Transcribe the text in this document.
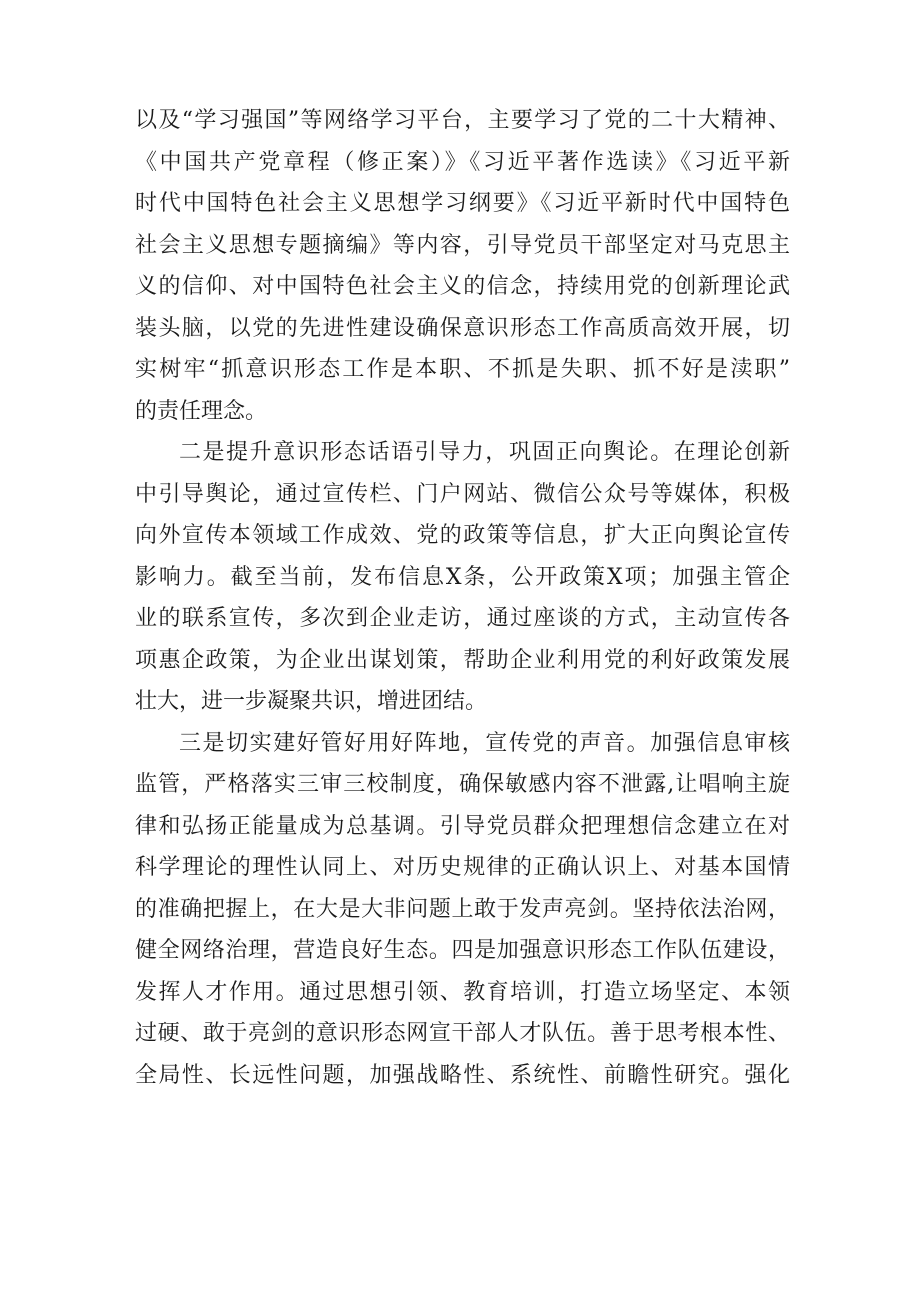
以及“学习强国”等网络学习平台，主要学习了党的二十大精神、
《中国共产党章程（修正案）》《习近平著作选读》《习近平新
时代中国特色社会主义思想学习纲要》《习近平新时代中国特色
社会主义思想专题摘编》等内容，引导党员干部坚定对马克思主
义的信仰、对中国特色社会主义的信念，持续用党的创新理论武
装头脑，以党的先进性建设确保意识形态工作高质高效开展，切
实树牢“抓意识形态工作是本职、不抓是失职、抓不好是渎职”
的责任理念。
二是提升意识形态话语引导力，巩固正向舆论。在理论创新
中引导舆论，通过宣传栏、门户网站、微信公众号等媒体，积极
向外宣传本领域工作成效、党的政策等信息，扩大正向舆论宣传
影响力。截至当前，发布信息X条，公开政策X项；加强主管企
业的联系宣传，多次到企业走访，通过座谈的方式，主动宣传各
项惠企政策，为企业出谋划策，帮助企业利用党的利好政策发展
壮大，进一步凝聚共识，增进团结。
三是切实建好管好用好阵地，宣传党的声音。加强信息审核
监管，严格落实三审三校制度，确保敏感内容不泄露,让唱响主旋
律和弘扬正能量成为总基调。引导党员群众把理想信念建立在对
科学理论的理性认同上、对历史规律的正确认识上、对基本国情
的准确把握上，在大是大非问题上敢于发声亮剑。坚持依法治网，
健全网络治理，营造良好生态。四是加强意识形态工作队伍建设，
发挥人才作用。通过思想引领、教育培训，打造立场坚定、本领
过硬、敢于亮剑的意识形态网宣干部人才队伍。善于思考根本性、
全局性、长远性问题，加强战略性、系统性、前瞻性研究。强化
